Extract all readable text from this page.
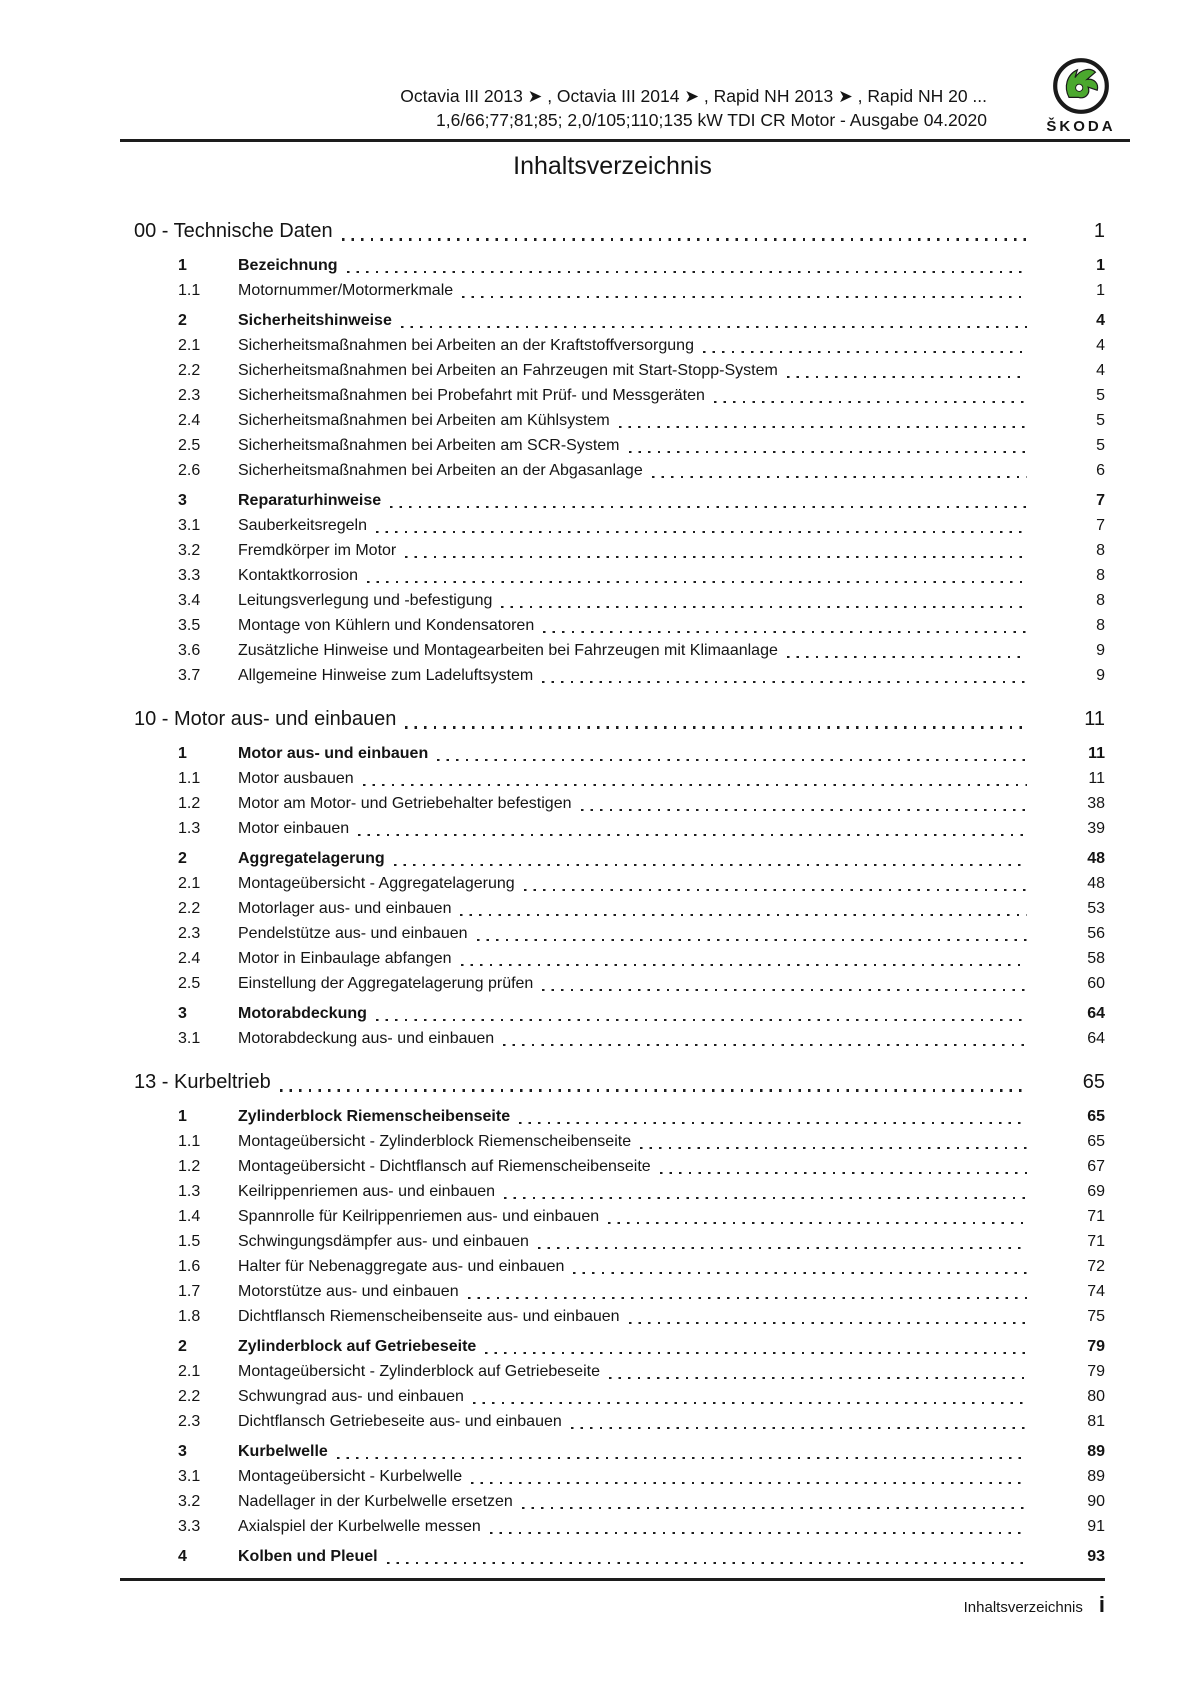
Octavia III 2013 ➤ , Octavia III 2014 ➤ , Rapid NH 2013 ➤ , Rapid NH 20 ...
1,6/66;77;81;85; 2,0/105;110;135 kW TDI CR Motor - Ausgabe 04.2020	ŠKODA
Inhaltsverzeichnis
00 - Technische Daten	1
1	Bezeichnung	1
1.1	Motornummer/Motormerkmale	1
2	Sicherheitshinweise	4
2.1	Sicherheitsmaßnahmen bei Arbeiten an der Kraftstoffversorgung	4
2.2	Sicherheitsmaßnahmen bei Arbeiten an Fahrzeugen mit Start-Stopp-System	4
2.3	Sicherheitsmaßnahmen bei Probefahrt mit Prüf- und Messgeräten	5
2.4	Sicherheitsmaßnahmen bei Arbeiten am Kühlsystem	5
2.5	Sicherheitsmaßnahmen bei Arbeiten am SCR-System	5
2.6	Sicherheitsmaßnahmen bei Arbeiten an der Abgasanlage	6
3	Reparaturhinweise	7
3.1	Sauberkeitsregeln	7
3.2	Fremdkörper im Motor	8
3.3	Kontaktkorrosion	8
3.4	Leitungsverlegung und -befestigung	8
3.5	Montage von Kühlern und Kondensatoren	8
3.6	Zusätzliche Hinweise und Montagearbeiten bei Fahrzeugen mit Klimaanlage	9
3.7	Allgemeine Hinweise zum Ladeluftsystem	9
10 - Motor aus- und einbauen	11
1	Motor aus- und einbauen	11
1.1	Motor ausbauen	11
1.2	Motor am Motor- und Getriebehalter befestigen	38
1.3	Motor einbauen	39
2	Aggregatelagerung	48
2.1	Montageübersicht - Aggregatelagerung	48
2.2	Motorlager aus- und einbauen	53
2.3	Pendelstütze aus- und einbauen	56
2.4	Motor in Einbaulage abfangen	58
2.5	Einstellung der Aggregatelagerung prüfen	60
3	Motorabdeckung	64
3.1	Motorabdeckung aus- und einbauen	64
13 - Kurbeltrieb	65
1	Zylinderblock Riemenscheibenseite	65
1.1	Montageübersicht - Zylinderblock Riemenscheibenseite	65
1.2	Montageübersicht - Dichtflansch auf Riemenscheibenseite	67
1.3	Keilrippenriemen aus- und einbauen	69
1.4	Spannrolle für Keilrippenriemen aus- und einbauen	71
1.5	Schwingungsdämpfer aus- und einbauen	71
1.6	Halter für Nebenaggregate aus- und einbauen	72
1.7	Motorstütze aus- und einbauen	74
1.8	Dichtflansch Riemenscheibenseite aus- und einbauen	75
2	Zylinderblock auf Getriebeseite	79
2.1	Montageübersicht - Zylinderblock auf Getriebeseite	79
2.2	Schwungrad aus- und einbauen	80
2.3	Dichtflansch Getriebeseite aus- und einbauen	81
3	Kurbelwelle	89
3.1	Montageübersicht - Kurbelwelle	89
3.2	Nadellager in der Kurbelwelle ersetzen	90
3.3	Axialspiel der Kurbelwelle messen	91
4	Kolben und Pleuel	93
Inhaltsverzeichnis i
